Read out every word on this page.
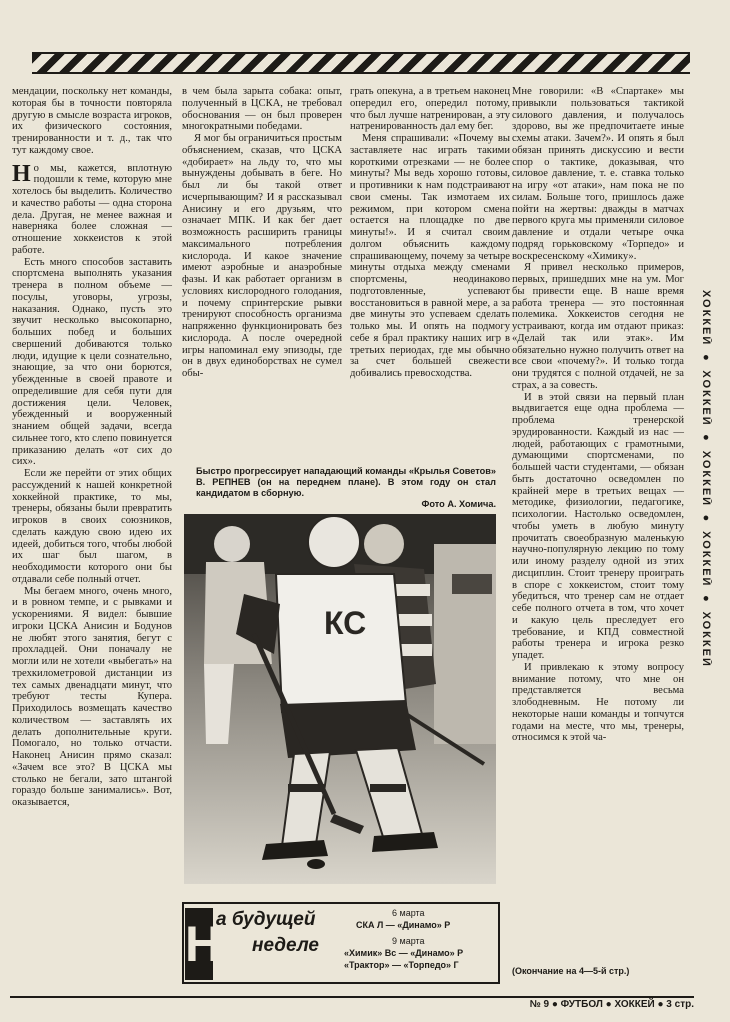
мендации, поскольку нет команды, которая бы в точности повторяла другую в смысле возраста игроков, их физического состояния, тренированности и т. д., так что тут каждому свое.

Но мы, кажется, вплотную подошли к теме, которую мне хотелось бы выделить. Количество и качество работы — одна сторона дела. Другая, не менее важная и наверняка более сложная — отношение хоккеистов к этой работе.

Есть много способов заставить спортсмена выполнять указания тренера в полном объеме — посулы, уговоры, угрозы, наказания. Однако, пусть это звучит несколько высокопарно, больших побед и больших свершений добиваются только люди, идущие к цели сознательно, знающие, за что они борются, убежденные в своей правоте и определившие для себя пути для достижения цели. Человек, убежденный и вооруженный знанием общей задачи, всегда сильнее того, кто слепо повинуется приказанию делать «от сих до сих».

Если же перейти от этих общих рассуждений к нашей конкретной хоккейной практике, то мы, тренеры, обязаны были превратить игроков в своих союзников, сделать каждую свою идею их идеей, добиться того, чтобы любой их шаг был шагом, в необходимости которого они бы отдавали себе полный отчет.

Мы бегаем много, очень много, и в ровном темпе, и с рывками и ускорениями. Я видел: бывшие игроки ЦСКА Анисин и Бодунов не любят этого занятия, бегут с прохладцей. Они поначалу не могли или не хотели «выбегать» на трехкилометровой дистанции из тех самых двенадцати минут, что требуют тесты Купера. Приходилось возмещать качество количеством — заставлять их делать дополнительные круги. Помогало, но только отчасти. Наконец Анисин прямо сказал: «Зачем все это? В ЦСКА мы столько не бегали, зато штангой гораздо больше занимались». Вот, оказывается,

в чем была зарыта собака: опыт, полученный в ЦСКА, не требовал обоснования — он был проверен многократными победами.

Я мог бы ограничиться простым объяснением, сказав, что ЦСКА «добирает» на льду то, что мы вынуждены добывать в беге. Но был ли бы такой ответ исчерпывающим? И я рассказывал Анисину и его друзьям, что означает МПК. И как бег дает возможность расширить границы максимального потребления кислорода. И какое значение имеют аэробные и анаэробные фазы. И как работает организм в условиях кислородного голодания, и почему спринтерские рывки тренируют способность организма напряженно функционировать без кислорода. А после очередной игры напоминал ему эпизоды, где он в двух единоборствах не сумел обы-

грать опекуна, а в третьем наконец опередил его, опередил потому, что был лучше натренирован, а эту натренированность дал ему бег.

Меня спрашивали: «Почему вы заставляете нас играть такими короткими отрезками — не более минуты? Мы ведь хорошо готовы, и противники к нам подстраивают свои смены. Так измотаем их режимом, при котором смена остается на площадке по две минуты!». И я считал своим долгом объяснить каждому спрашивающему, почему за четыре минуты отдыха между сменами спортсмены, неодинаково подготовленные, успевают восстановиться в равной мере, а за две минуты это успеваем сделать только мы. И опять на подмогу себе я брал практику наших игр в третьих периодах, где мы обычно за счет большей свежести добивались превосходства.

Быстро прогрессирует нападающий команды «Крылья Советов» В. РЕПНЕВ (он на переднем плане). В этом году он стал кандидатом в сборную.
Фото А. Хомича.
КС
Н
а будущей
неделе
6 марта
СКА Л — «Динамо» Р
9 марта
«Химик» Вс — «Динамо» Р
«Трактор» — «Торпедо» Г

Мне говорили: «В «Спартаке» мы привыкли пользоваться тактикой силового давления, и получалось здорово, вы же предпочитаете иные схемы атаки. Зачем?». И опять я был обязан принять дискуссию и вести спор о тактике, доказывая, что силовое давление, т. е. ставка только на игру «от атаки», нам пока не по силам. Больше того, пришлось даже пойти на жертвы: дважды в матчах первого круга мы применяли силовое давление и отдали четыре очка подряд горьковскому «Торпедо» и воскресенскому «Химику».

Я привел несколько примеров, первых, пришедших мне на ум. Мог бы привести еще. В наше время работа тренера — это постоянная полемика. Хоккеистов сегодня не устраивают, когда им отдают приказ: «Делай так или этак». Им обязательно нужно получить ответ на все свои «почему?». И только тогда они трудятся с полной отдачей, не за страх, а за совесть.

И в этой связи на первый план выдвигается еще одна проблема — проблема тренерской эрудированности. Каждый из нас — людей, работающих с грамотными, думающими спортсменами, по большей части студентами, — обязан быть достаточно осведомлен по крайней мере в третьих вещах — методике, физиологии, педагогике, психологии. Настолько осведомлен, чтобы уметь в любую минуту прочитать своеобразную маленькую научно-популярную лекцию по тому или иному разделу одной из этих дисциплин. Стоит тренеру проиграть в споре с хоккеистом, стоит тому убедиться, что тренер сам не отдает себе полного отчета в том, что хочет и какую цель преследует его требование, и КПД совместной работы тренера и игрока резко упадет.

И привлекаю к этому вопросу внимание потому, что мне он представляется весьма злободневным. Не потому ли некоторые наши команды и топчутся годами на месте, что мы, тренеры, относимся к этой ча-

(Окончание на 4—5-й стр.)
ХОККЕЙ ● ХОККЕЙ ● ХОККЕЙ ● ХОККЕЙ ● ХОККЕЙ
№ 9 ● ФУТБОЛ ● ХОККЕЙ ● 3 стр.
